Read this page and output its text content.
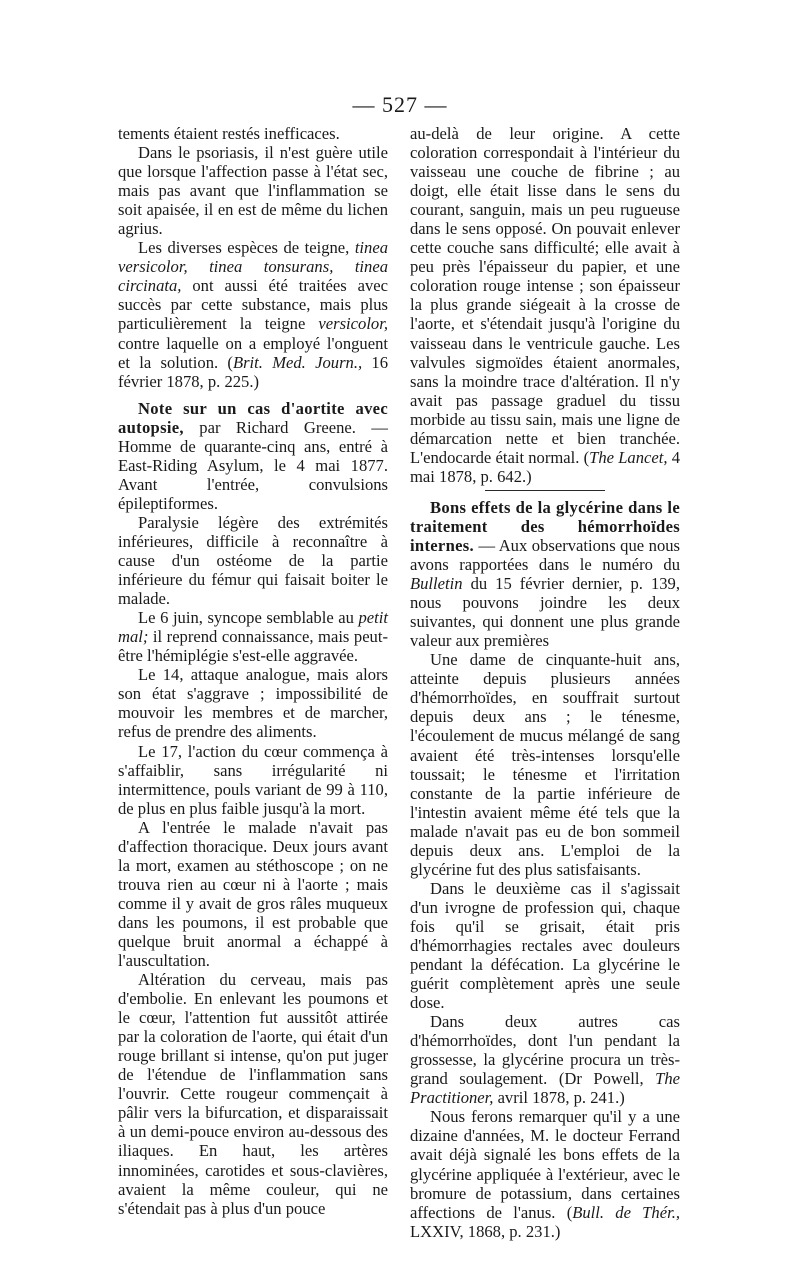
— 527 —

tements étaient restés inefficaces.

Dans le psoriasis, il n'est guère utile que lorsque l'affection passe à l'état sec, mais pas avant que l'inflammation se soit apaisée, il en est de même du lichen agrius.

Les diverses espèces de teigne, tinea versicolor, tinea tonsurans, tinea circinata, ont aussi été traitées avec succès par cette substance, mais plus particulièrement la teigne versicolor, contre laquelle on a employé l'onguent et la solution. (Brit. Med. Journ., 16 février 1878, p. 225.)

Note sur un cas d'aortite avec autopsie, par Richard Greene. — Homme de quarante-cinq ans, entré à East-Riding Asylum, le 4 mai 1877. Avant l'entrée, convulsions épileptiformes.

Paralysie légère des extrémités inférieures, difficile à reconnaître à cause d'un ostéome de la partie inférieure du fémur qui faisait boiter le malade.

Le 6 juin, syncope semblable au petit mal; il reprend connaissance, mais peut-être l'hémiplégie s'est-elle aggravée.

Le 14, attaque analogue, mais alors son état s'aggrave ; impossibilité de mouvoir les membres et de marcher, refus de prendre des aliments.

Le 17, l'action du cœur commença à s'affaiblir, sans irrégularité ni intermittence, pouls variant de 99 à 110, de plus en plus faible jusqu'à la mort.

A l'entrée le malade n'avait pas d'affection thoracique. Deux jours avant la mort, examen au stéthoscope ; on ne trouva rien au cœur ni à l'aorte ; mais comme il y avait de gros râles muqueux dans les poumons, il est probable que quelque bruit anormal a échappé à l'auscultation.

Altération du cerveau, mais pas d'embolie. En enlevant les poumons et le cœur, l'attention fut aussitôt attirée par la coloration de l'aorte, qui était d'un rouge brillant si intense, qu'on put juger de l'étendue de l'inflammation sans l'ouvrir. Cette rougeur commençait à pâlir vers la bifurcation, et disparaissait à un demi-pouce environ au-dessous des iliaques. En haut, les artères innominées, carotides et sous-clavières, avaient la même couleur, qui ne s'étendait pas à plus d'un pouce

au-delà de leur origine. A cette coloration correspondait à l'intérieur du vaisseau une couche de fibrine ; au doigt, elle était lisse dans le sens du courant, sanguin, mais un peu rugueuse dans le sens opposé. On pouvait enlever cette couche sans difficulté; elle avait à peu près l'épaisseur du papier, et une coloration rouge intense ; son épaisseur la plus grande siégeait à la crosse de l'aorte, et s'étendait jusqu'à l'origine du vaisseau dans le ventricule gauche. Les valvules sigmoïdes étaient anormales, sans la moindre trace d'altération. Il n'y avait pas passage graduel du tissu morbide au tissu sain, mais une ligne de démarcation nette et bien tranchée. L'endocarde était normal. (The Lancet, 4 mai 1878, p. 642.)

Bons effets de la glycérine dans le traitement des hémorrhoïdes internes. — Aux observations que nous avons rapportées dans le numéro du Bulletin du 15 février dernier, p. 139, nous pouvons joindre les deux suivantes, qui donnent une plus grande valeur aux premières

Une dame de cinquante-huit ans, atteinte depuis plusieurs années d'hémorrhoïdes, en souffrait surtout depuis deux ans ; le ténesme, l'écoulement de mucus mélangé de sang avaient été très-intenses lorsqu'elle toussait; le ténesme et l'irritation constante de la partie inférieure de l'intestin avaient même été tels que la malade n'avait pas eu de bon sommeil depuis deux ans. L'emploi de la glycérine fut des plus satisfaisants.

Dans le deuxième cas il s'agissait d'un ivrogne de profession qui, chaque fois qu'il se grisait, était pris d'hémorrhagies rectales avec douleurs pendant la défécation. La glycérine le guérit complètement après une seule dose.

Dans deux autres cas d'hémorrhoïdes, dont l'un pendant la grossesse, la glycérine procura un très-grand soulagement. (Dr Powell, The Practitioner, avril 1878, p. 241.)

Nous ferons remarquer qu'il y a une dizaine d'années, M. le docteur Ferrand avait déjà signalé les bons effets de la glycérine appliquée à l'extérieur, avec le bromure de potassium, dans certaines affections de l'anus. (Bull. de Thér., LXXIV, 1868, p. 231.)
